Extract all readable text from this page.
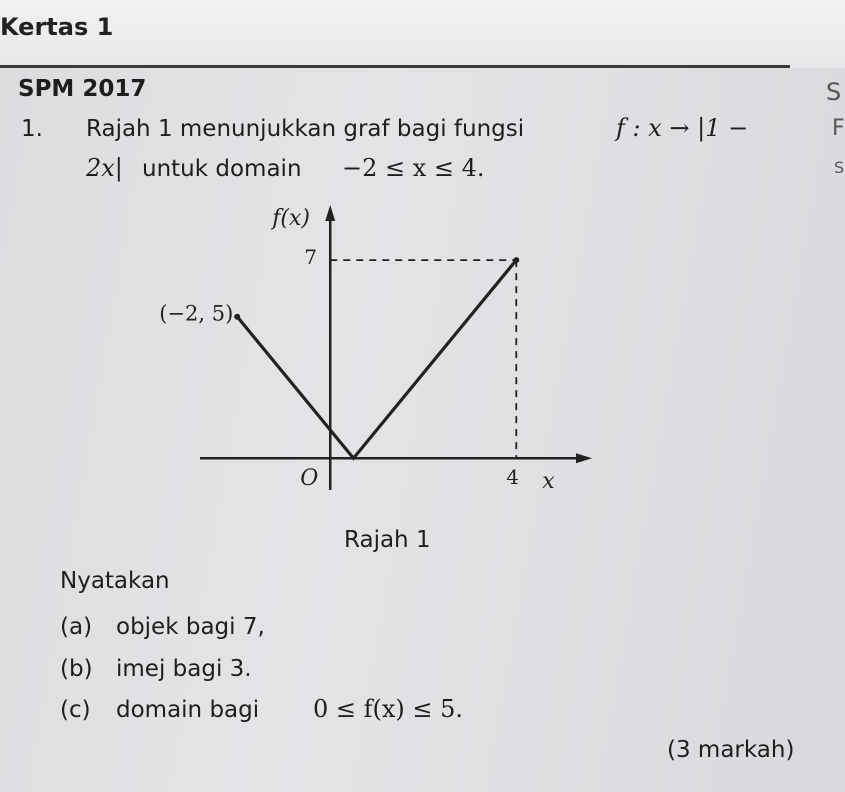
Kertas 1
SPM 2017
1. Rajah 1 menunjukkan graf bagi fungsi	f : x → |1 −
2x| untuk domain −2 ≤ x ≤ 4.
S
F
S
f(x)
7
(−2, 5)
O	4 x
Rajah 1
Nyatakan
(a) objek bagi 7,
(b) imej bagi 3.
(c) domain bagi 0 ≤ f(x) ≤ 5.
(3 markah)
